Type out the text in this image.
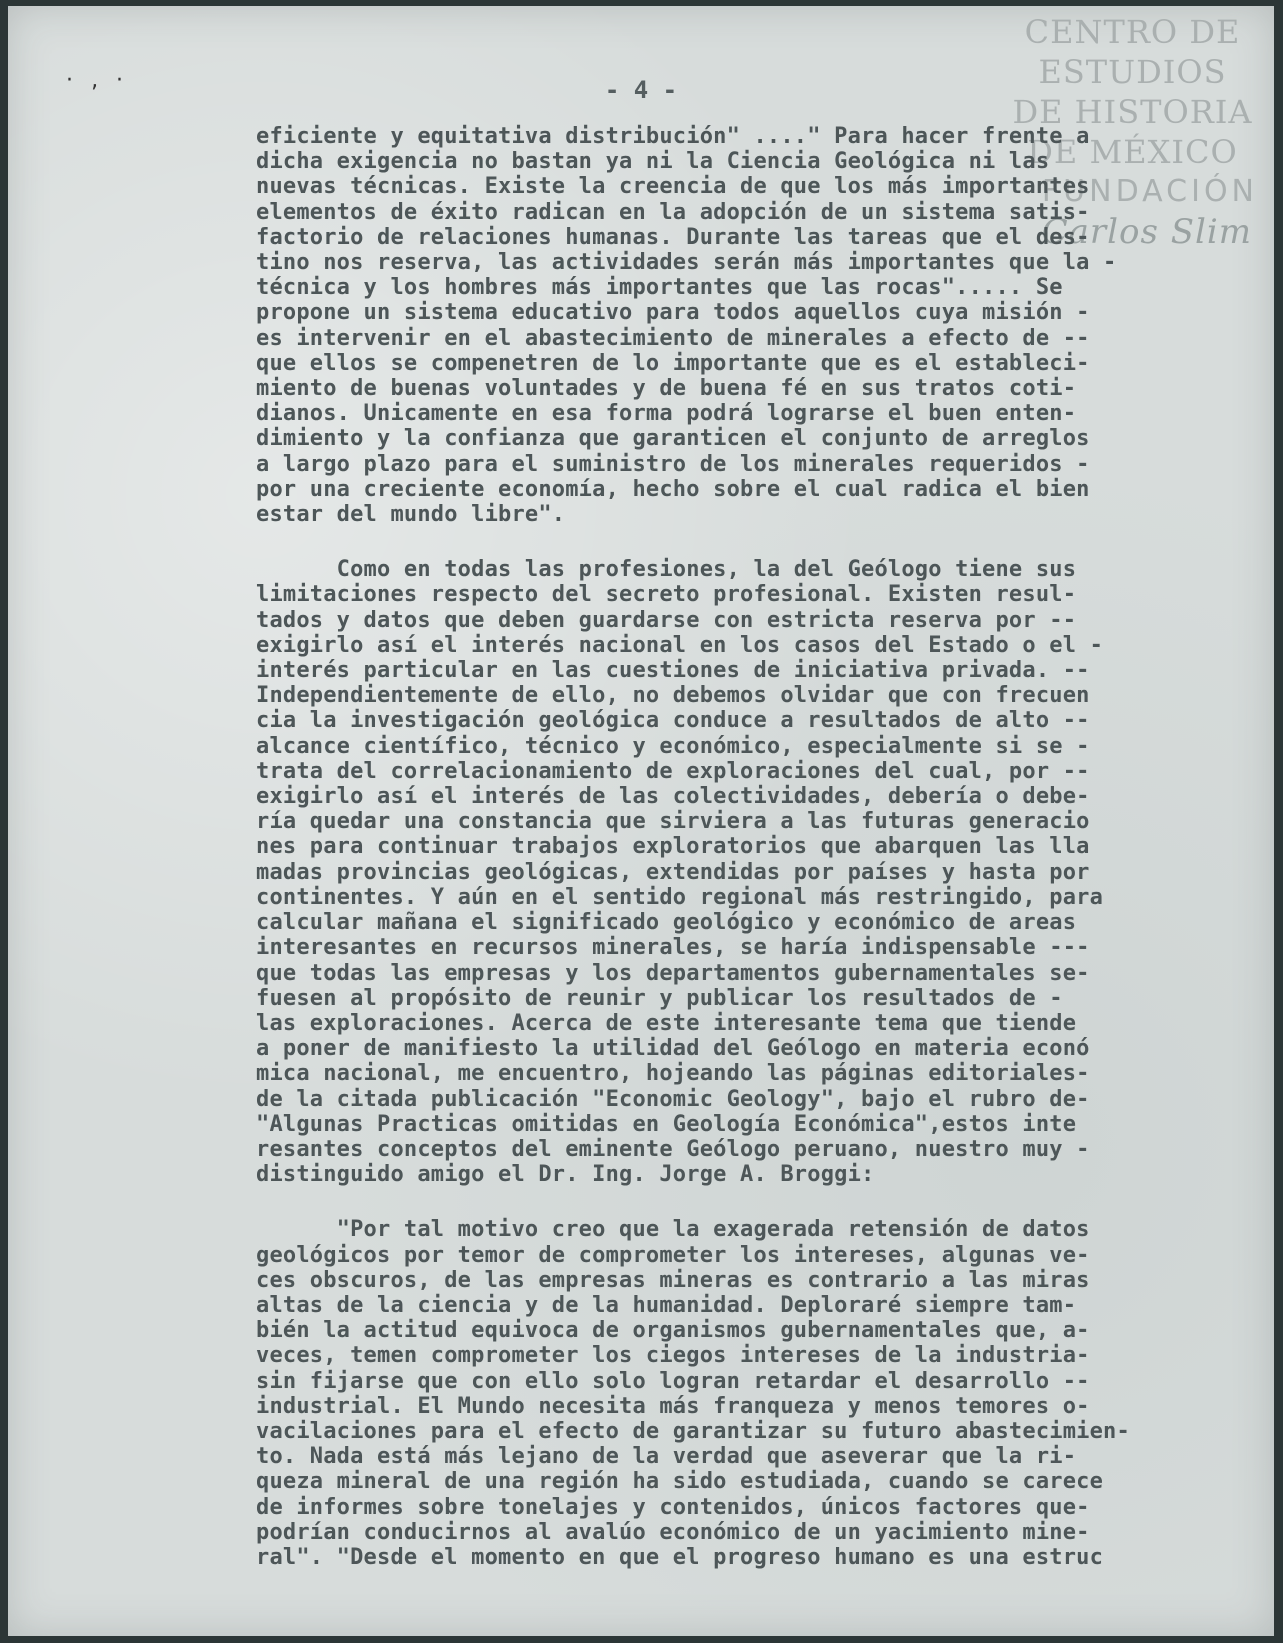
·‚·
CENTRO DE
ESTUDIOS
DE HISTORIA
DE MÉXICO
FUNDACIÓN
Carlos Slim
- 4 -
eficiente y equitativa distribución" ...." Para hacer frente a
dicha exigencia no bastan ya ni la Ciencia Geológica ni las
nuevas técnicas. Existe la creencia de que los más importantes
elementos de éxito radican en la adopción de un sistema satis-
factorio de relaciones humanas. Durante las tareas que el des-
tino nos reserva, las actividades serán más importantes que la -
técnica y los hombres más importantes que las rocas"..... Se
propone un sistema educativo para todos aquellos cuya misión -
es intervenir en el abastecimiento de minerales a efecto de --
que ellos se compenetren de lo importante que es el estableci-
miento de buenas voluntades y de buena fé en sus tratos coti-
dianos. Unicamente en esa forma podrá lograrse el buen enten-
dimiento y la confianza que garanticen el conjunto de arreglos
a largo plazo para el suministro de los minerales requeridos -
por una creciente economía, hecho sobre el cual radica el bien
estar del mundo libre".
Como en todas las profesiones, la del Geólogo tiene sus
limitaciones respecto del secreto profesional. Existen resul-
tados y datos que deben guardarse con estricta reserva por --
exigirlo así el interés nacional en los casos del Estado o el -
interés particular en las cuestiones de iniciativa privada. --
Independientemente de ello, no debemos olvidar que con frecuen
cia la investigación geológica conduce a resultados de alto --
alcance científico, técnico y económico, especialmente si se -
trata del correlacionamiento de exploraciones del cual, por --
exigirlo así el interés de las colectividades, debería o debe-
ría quedar una constancia que sirviera a las futuras generacio
nes para continuar trabajos exploratorios que abarquen las lla
madas provincias geológicas, extendidas por países y hasta por
continentes. Y aún en el sentido regional más restringido, para
calcular mañana el significado geológico y económico de areas
interesantes en recursos minerales, se haría indispensable ---
que todas las empresas y los departamentos gubernamentales se-
fuesen al propósito de reunir y publicar los resultados de -
las exploraciones. Acerca de este interesante tema que tiende
a poner de manifiesto la utilidad del Geólogo en materia econó
mica nacional, me encuentro, hojeando las páginas editoriales-
de la citada publicación "Economic Geology", bajo el rubro de-
"Algunas Practicas omitidas en Geología Económica",estos inte
resantes conceptos del eminente Geólogo peruano, nuestro muy -
distinguido amigo el Dr. Ing. Jorge A. Broggi:
"Por tal motivo creo que la exagerada retensión de datos
geológicos por temor de comprometer los intereses, algunas ve-
ces obscuros, de las empresas mineras es contrario a las miras
altas de la ciencia y de la humanidad. Deploraré siempre tam-
bién la actitud equivoca de organismos gubernamentales que, a-
veces, temen comprometer los ciegos intereses de la industria-
sin fijarse que con ello solo logran retardar el desarrollo --
industrial. El Mundo necesita más franqueza y menos temores o-
vacilaciones para el efecto de garantizar su futuro abastecimien-
to. Nada está más lejano de la verdad que aseverar que la ri-
queza mineral de una región ha sido estudiada, cuando se carece
de informes sobre tonelajes y contenidos, únicos factores que-
podrían conducirnos al avalúo económico de un yacimiento mine-
ral". "Desde el momento en que el progreso humano es una estruc
